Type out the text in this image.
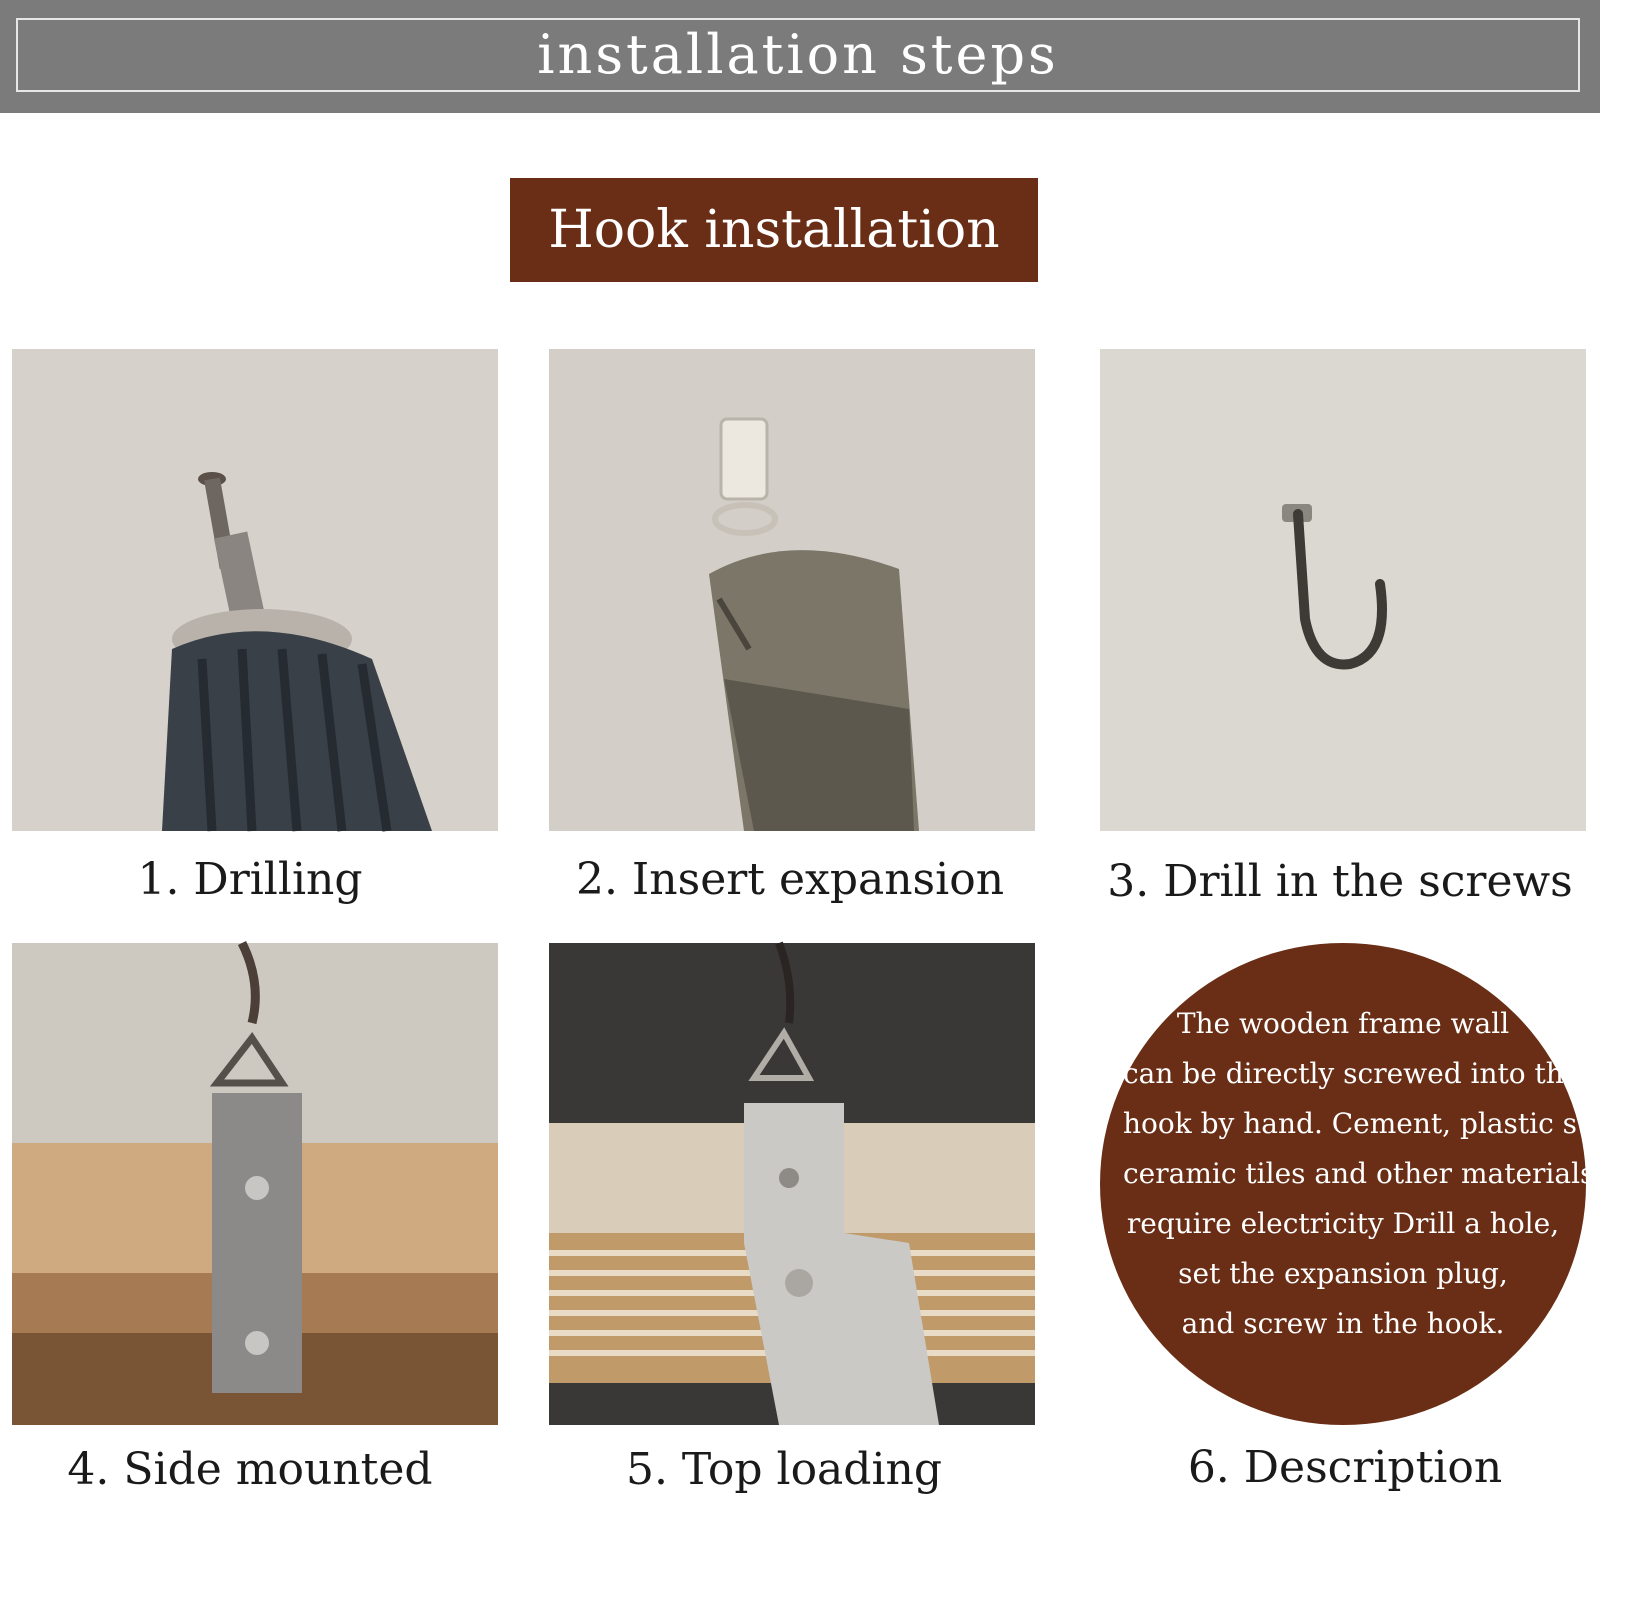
installation steps
Hook installation
The wooden frame wall
can be directly screwed into the
hook by hand. Cement, plastic steel,
ceramic tiles and other materials
require electricity Drill a hole,
set the expansion plug,
and screw in the hook.
1. Drilling	2. Insert expansion	3. Drill in the screws
4. Side mounted	5. Top loading	6. Description
